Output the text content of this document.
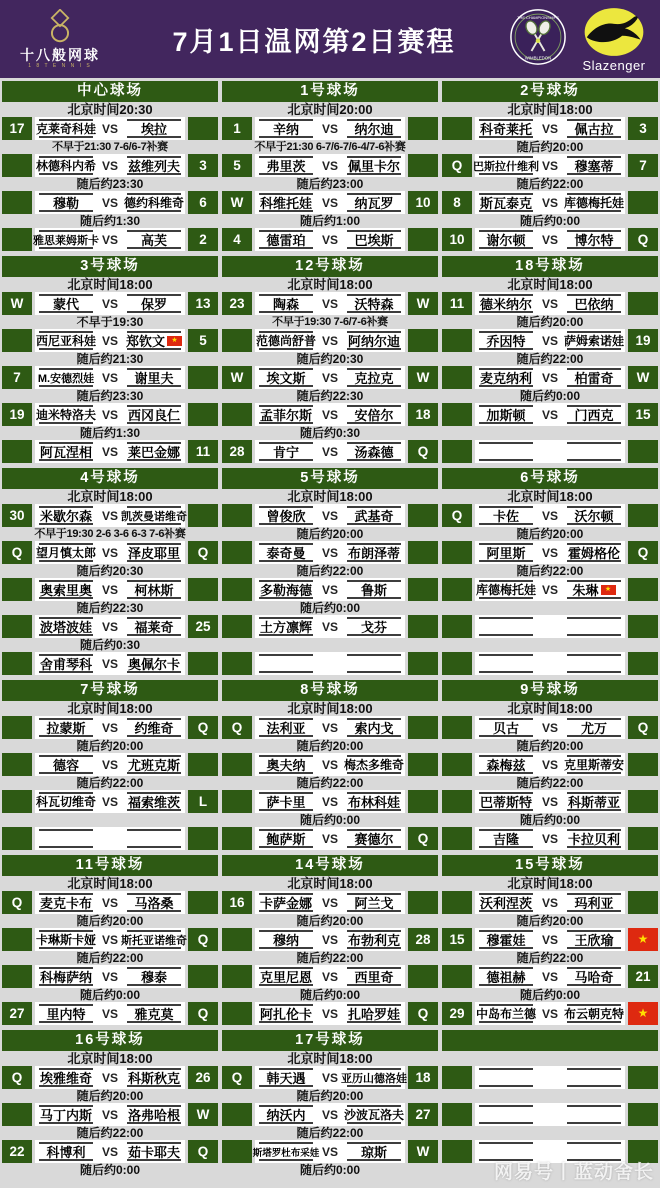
十八般网球
1 8 T E N N I S
7月1日温网第2日赛程
THE CHAMPIONSHIPS
WIMBLEDON
Slazenger
中心球场
北京时间20:30
17 克莱奇科娃 VS	埃拉
不早于21:30 7-6/6-7补赛
林德科内希 VS 兹维列夫	3
随后约23:30
穆勒	VS 德约科维奇	6
随后约1:30
雅思莱姆斯卡 VS	高芙	2
1号球场
北京时间20:00
1	辛纳	VS	纳尔迪
不早于21:30 6-7/6-7/6-4/7-6补赛
5	弗里茨	VS 佩里卡尔
随后约23:00
W	科维托娃 VS	纳瓦罗	10
随后约1:00
4	德雷珀	VS	巴埃斯
2号球场
北京时间18:00
科奇莱托 VS	佩古拉	3
随后约20:00
Q 巴斯拉什维利 VS	穆塞蒂	7
随后约22:00
8	斯瓦泰克 VS 库德梅托娃
随后约0:00
10	谢尔顿	VS	博尔特	Q
3号球场
北京时间18:00
W	蒙代	VS	保罗	13
不早于19:30
西尼亚科娃 VS 郑钦文 ★	5
随后约21:30
7	M.安德烈娃 VS	谢里夫
随后约23:30
19 迪米特洛夫 VS 西冈良仁
随后约1:30
阿瓦涅相 VS 莱巴金娜	11
12号球场
北京时间18:00
23	陶森	VS	沃特森	W
不早于19:30 7-6/7-6补赛
范德尚舒普 VS 阿纳尔迪
随后约20:30
W	埃文斯	VS	克拉克	W
随后约22:30
孟菲尔斯 VS	安倍尔	18
随后约0:30
28	肯宁	VS	汤森德	Q
18号球场
北京时间18:00
11	德米纳尔 VS	巴依纳
随后约20:00
乔因特	VS 萨姆索诺娃 19
随后约22:00
麦克纳利 VS	柏雷奇	W
随后约0:00
加斯顿	VS	门西克	15
4号球场
北京时间18:00
30	米歇尔森 VS 凯茨曼诺维奇
不早于19:30 2-6 3-6 6-3 7-6补赛
Q	望月慎太郎 VS 泽皮耶里	Q
随后约20:30
奥索里奥 VS	柯林斯
随后约22:30
波塔波娃 VS	福莱奇	25
随后约0:30
舍甫琴科 VS 奥佩尔卡
5号球场
北京时间18:00
曾俊欣	VS	武基奇
随后约20:00
泰奇曼	VS 布朗泽蒂
随后约22:00
多勒海德 VS	鲁斯
随后约0:00
土方凛辉 VS	戈芬
6号球场
北京时间18:00
Q	卡佐	VS	沃尔顿
随后约20:00
阿里斯	VS 霍姆格伦	Q
随后约22:00
库德梅托娃 VS	朱琳 ★
7号球场
北京时间18:00
拉蒙斯	VS	约维奇	Q
随后约20:00
德容	VS 尤班克斯
随后约22:00
科瓦切维奇 VS 福索维茨	L
8号球场
北京时间18:00
Q	法利亚	VS	索内戈
随后约20:00
奥夫纳	VS 梅杰多维奇
随后约22:00
萨卡里	VS 布林科娃
随后约0:00
鲍萨斯	VS	赛德尔	Q
9号球场
北京时间18:00
贝古	VS	尤万	Q
随后约20:00
森梅兹	VS 克里斯蒂安
随后约22:00
巴蒂斯特 VS 科斯蒂亚
随后约0:00
吉隆	VS 卡拉贝利
11号球场
北京时间18:00
Q	麦克卡布 VS	马洛桑
随后约20:00
卡琳斯卡娅 VS 斯托亚诺维奇 Q
随后约22:00
科梅萨纳 VS	穆泰
随后约0:00
27	里内特	VS	雅克莫	Q
14号球场
北京时间18:00
16	卡萨金娜 VS	阿兰戈
随后约20:00
穆纳	VS 布勃利克	28
随后约22:00
克里尼恩 VS	西里奇
随后约0:00
阿扎伦卡 VS 扎哈罗娃	Q
15号球场
北京时间18:00
沃利涅茨 VS	玛利亚
随后约20:00
15	穆霍娃	VS	王欣瑜	★
随后约22:00
德祖赫	VS	马哈奇	21
随后约0:00
29 中岛布兰德 VS 布云朝克特	★
16号球场
北京时间18:00
Q	埃雅维奇 VS 科斯秋克	26
随后约20:00
马丁内斯 VS 洛弗哈根	W
随后约22:00
22	科博利	VS 茹卡耶夫	Q
随后约0:00
17号球场
北京时间18:00
Q	韩天遇	VS 亚历山德洛娃 18
随后约20:00
纳沃内	VS 沙波瓦洛夫 27
随后约22:00
斯塔罗杜布采娃 VS	琼斯	W
随后约0:00	网易号丨蓝动舍长
